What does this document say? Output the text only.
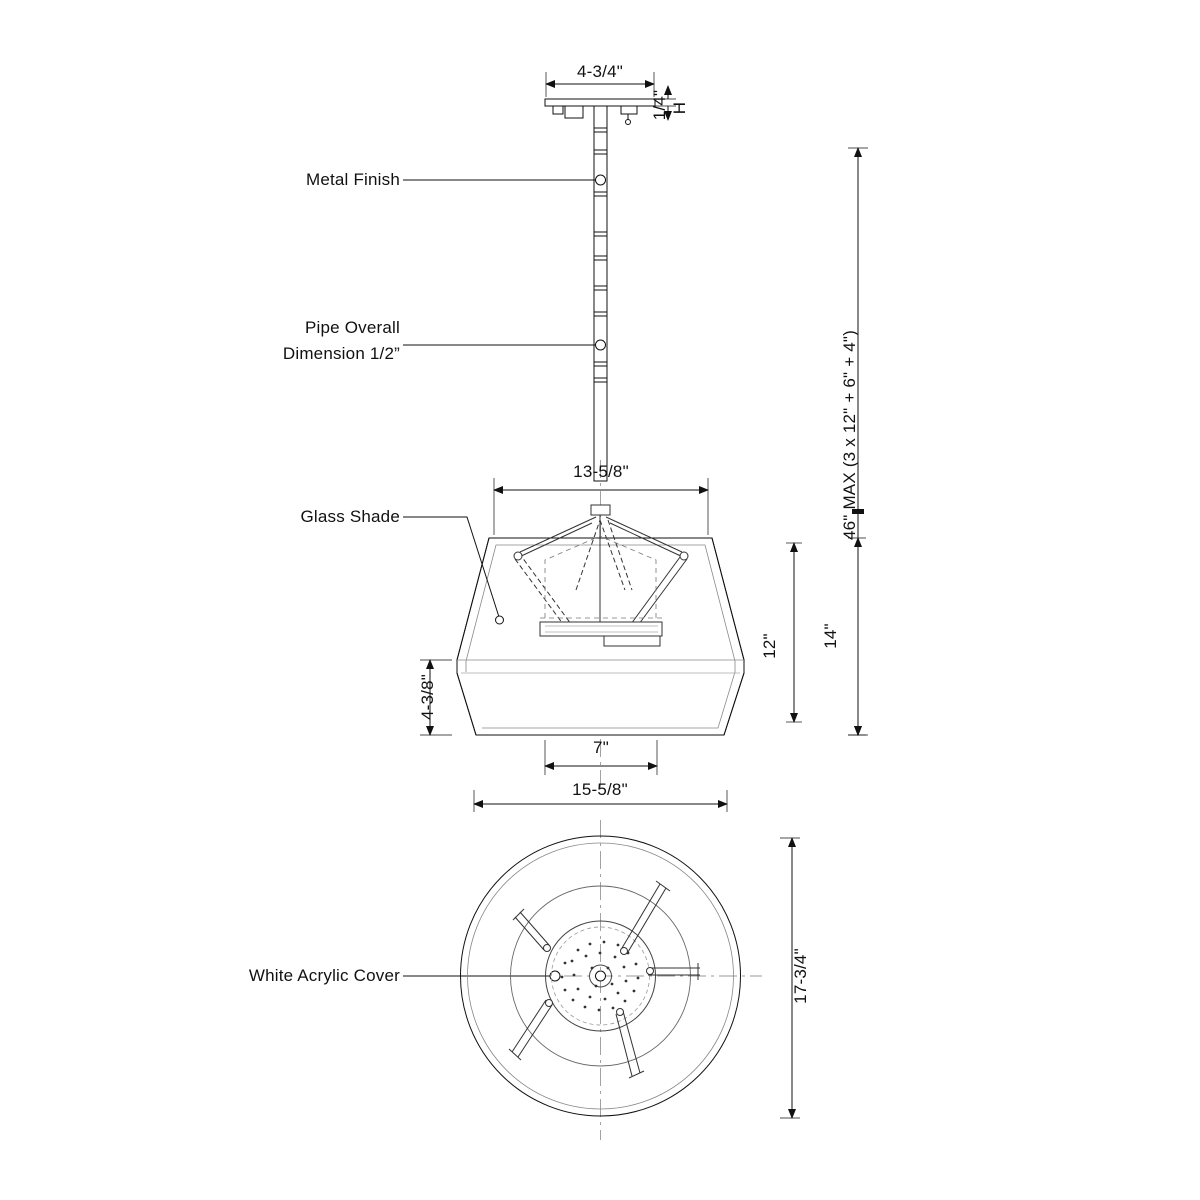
Metal Finish
Pipe Overall
Dimension 1/2”
Glass Shade
White Acrylic Cover
4-3/4"
1/4" H
46" MAX (3 x 12" + 6" + 4")
13-5/8"
14"
12"
4-3/8"
7"
15-5/8"
17-3/4"
